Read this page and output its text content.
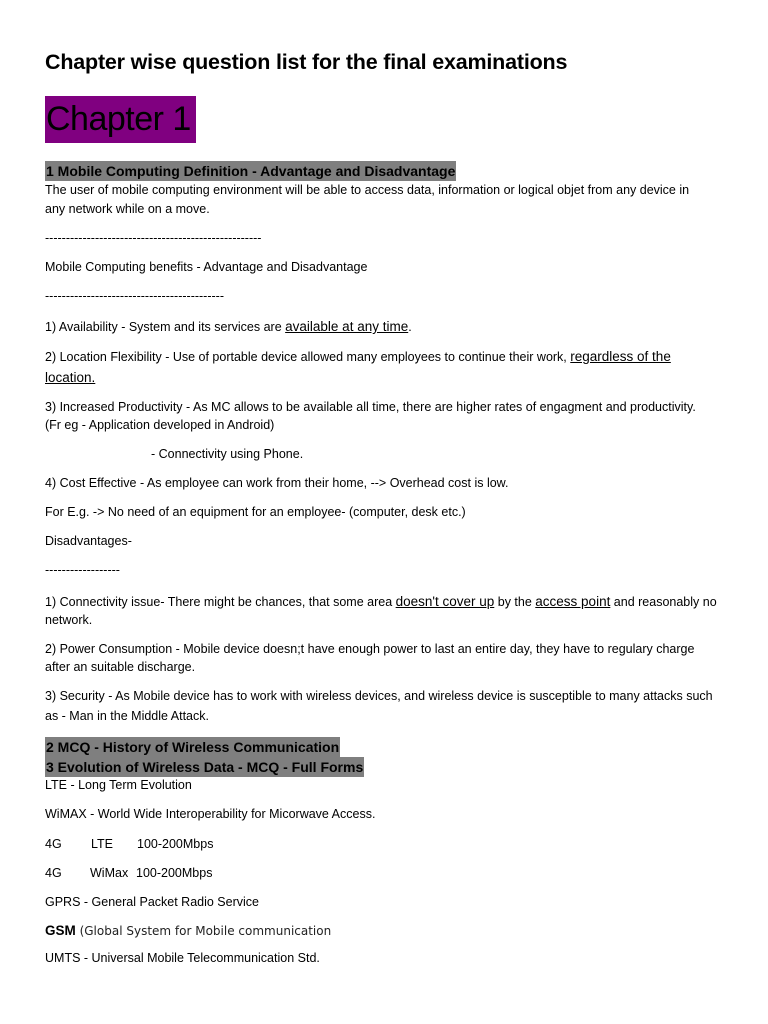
Chapter wise question list for the final examinations
Chapter 1
1 Mobile Computing Definition - Advantage and Disadvantage
The user of mobile computing environment will be able to access data, information or logical objet from any device in
any network while on a move.
----------------------------------------------------
Mobile Computing benefits - Advantage and Disadvantage
-------------------------------------------
1) Availability - System and its services are available at any time.
2) Location Flexibility - Use of portable device allowed many employees to continue their work, regardless of the
location.
3) Increased Productivity - As MC allows to be available all time, there are higher rates of engagment and productivity.
(Fr eg - Application developed in Android)
- Connectivity using Phone.
4) Cost Effective - As employee can work from their home, --> Overhead cost is low.
For E.g. -> No need of an equipment for an employee- (computer, desk etc.)
Disadvantages-
------------------
1) Connectivity issue- There might be chances, that some area doesn't cover up by the access point and reasonably no
network.
2) Power Consumption - Mobile device doesn;t have enough power to last an entire day, they have to regulary charge
after an suitable discharge.
3) Security - As Mobile device has to work with wireless devices, and wireless device is susceptible to many attacks such
as - Man in the Middle Attack.
2 MCQ - History of Wireless Communication
3 Evolution of Wireless Data - MCQ - Full Forms
LTE - Long Term Evolution
WiMAX - World Wide Interoperability for Micorwave Access.
4G LTE 100-200Mbps
4G WiMax 100-200Mbps
GPRS - General Packet Radio Service
GSM (Global System for Mobile communication
UMTS - Universal Mobile Telecommunication Std.
